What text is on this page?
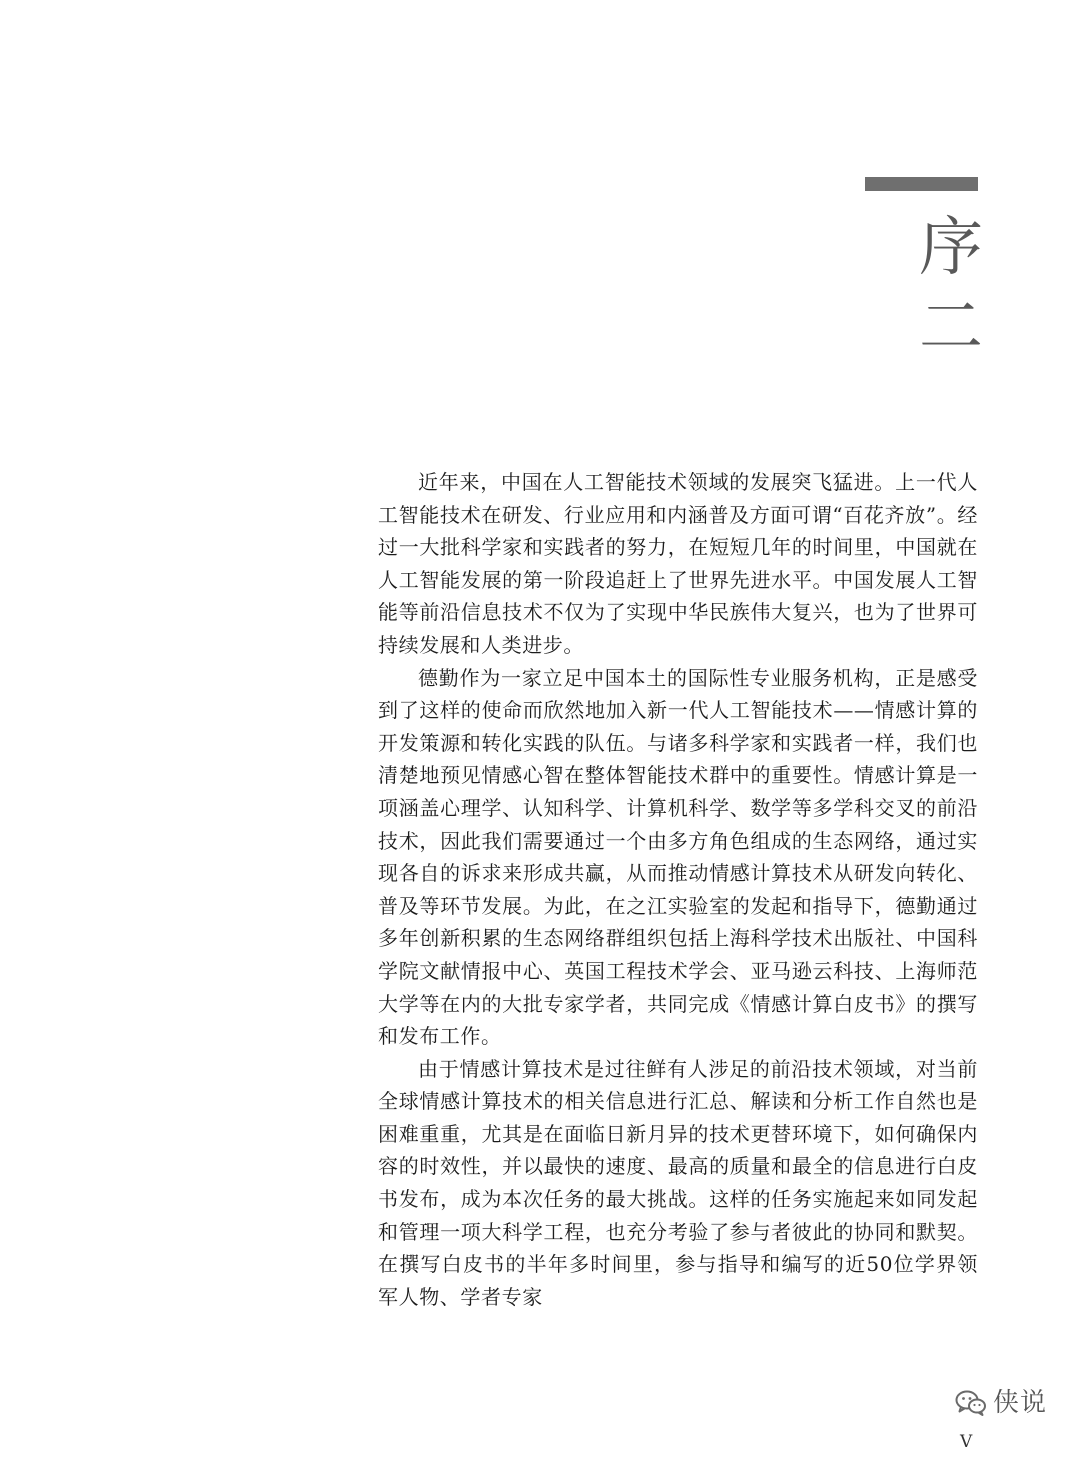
序二

近年来，中国在人工智能技术领域的发展突飞猛进。上一代人工智能技术在研发、行业应用和内涵普及方面可谓“百花齐放”。经过一大批科学家和实践者的努力，在短短几年的时间里，中国就在人工智能发展的第一阶段追赶上了世界先进水平。中国发展人工智能等前沿信息技术不仅为了实现中华民族伟大复兴，也为了世界可持续发展和人类进步。

德勤作为一家立足中国本土的国际性专业服务机构，正是感受到了这样的使命而欣然地加入新一代人工智能技术——情感计算的开发策源和转化实践的队伍。与诸多科学家和实践者一样，我们也清楚地预见情感心智在整体智能技术群中的重要性。情感计算是一项涵盖心理学、认知科学、计算机科学、数学等多学科交叉的前沿技术，因此我们需要通过一个由多方角色组成的生态网络，通过实现各自的诉求来形成共赢，从而推动情感计算技术从研发向转化、普及等环节发展。为此，在之江实验室的发起和指导下，德勤通过多年创新积累的生态网络群组织包括上海科学技术出版社、中国科学院文献情报中心、英国工程技术学会、亚马逊云科技、上海师范大学等在内的大批专家学者，共同完成《情感计算白皮书》的撰写和发布工作。

由于情感计算技术是过往鲜有人涉足的前沿技术领域，对当前全球情感计算技术的相关信息进行汇总、解读和分析工作自然也是困难重重，尤其是在面临日新月异的技术更替环境下，如何确保内容的时效性，并以最快的速度、最高的质量和最全的信息进行白皮书发布，成为本次任务的最大挑战。这样的任务实施起来如同发起和管理一项大科学工程，也充分考验了参与者彼此的协同和默契。在撰写白皮书的半年多时间里，参与指导和编写的近50位学界领军人物、学者专家

V
侠说
